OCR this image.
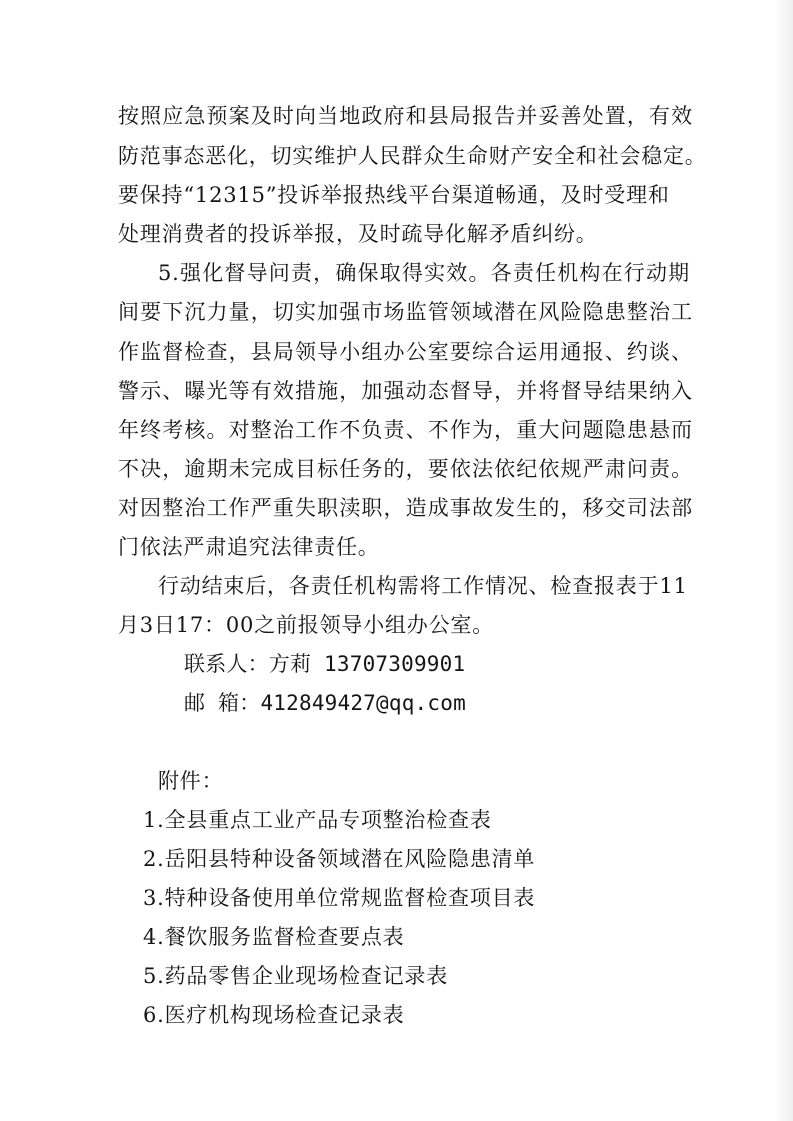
按照应急预案及时向当地政府和县局报告并妥善处置，有效
防范事态恶化，切实维护人民群众生命财产安全和社会稳定。
要保持“12315”投诉举报热线平台渠道畅通，及时受理和
处理消费者的投诉举报，及时疏导化解矛盾纠纷。
5.强化督导问责，确保取得实效。各责任机构在行动期
间要下沉力量，切实加强市场监管领域潜在风险隐患整治工
作监督检查，县局领导小组办公室要综合运用通报、约谈、
警示、曝光等有效措施，加强动态督导，并将督导结果纳入
年终考核。对整治工作不负责、不作为，重大问题隐患悬而
不决，逾期未完成目标任务的，要依法依纪依规严肃问责。
对因整治工作严重失职渎职，造成事故发生的，移交司法部
门依法严肃追究法律责任。
行动结束后，各责任机构需将工作情况、检查报表于11
月3日17：00之前报领导小组办公室。
联系人：方莉 13707309901
邮 箱：412849427@qq.com
附件：
1.全县重点工业产品专项整治检查表
2.岳阳县特种设备领域潜在风险隐患清单
3.特种设备使用单位常规监督检查项目表
4.餐饮服务监督检查要点表
5.药品零售企业现场检查记录表
6.医疗机构现场检查记录表
